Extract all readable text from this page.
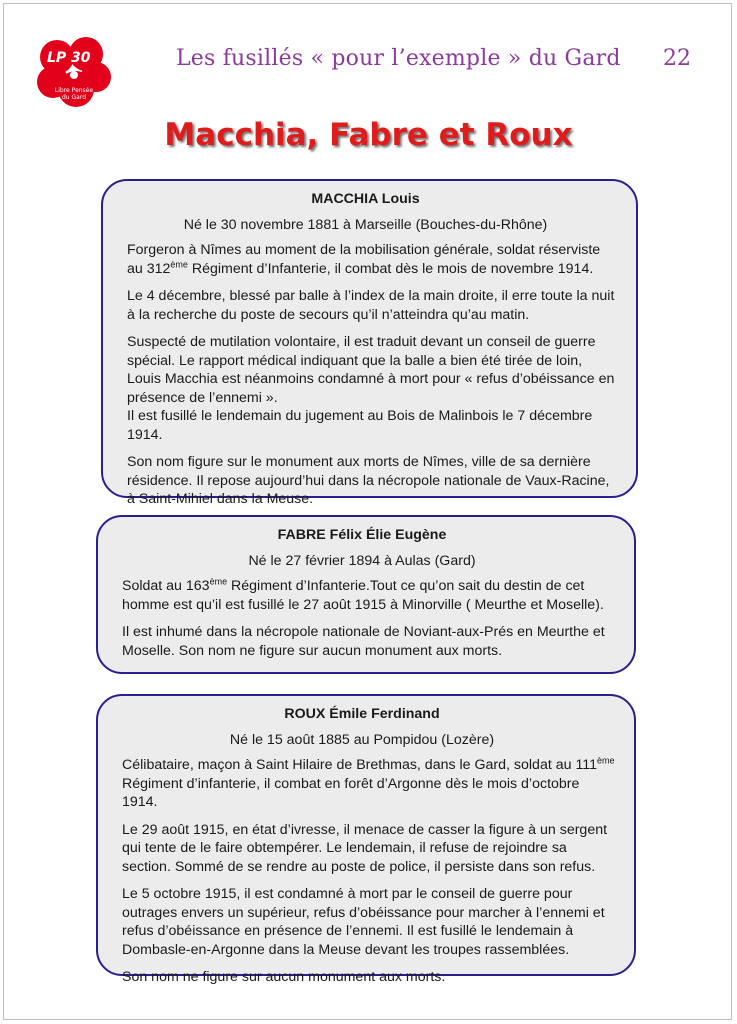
LP 30
Libre Pensée
du Gard
Les fusillés « pour l’exemple » du Gard 22
Macchia, Fabre et Roux
MACCHIA Louis
Né le 30 novembre 1881 à Marseille (Bouches-du-Rhône)

Forgeron à Nîmes au moment de la mobilisation générale, soldat réserviste au 312ème Régiment d’Infanterie, il combat dès le mois de novembre 1914.

Le 4 décembre, blessé par balle à l’index de la main droite, il erre toute la nuit à la recherche du poste de secours qu’il n’atteindra qu’au matin.

Suspecté de mutilation volontaire, il est traduit devant un conseil de guerre spécial. Le rapport médical indiquant que la balle a bien été tirée de loin, Louis Macchia est néanmoins condamné à mort pour « refus d’obéissance en présence de l’ennemi ».

Il est fusillé le lendemain du jugement au Bois de Malinbois le 7 décembre 1914.

Son nom figure sur le monument aux morts de Nîmes, ville de sa dernière résidence. Il repose aujourd’hui dans la nécropole nationale de Vaux-Racine, à Saint-Mihiel dans la Meuse.

FABRE Félix Élie Eugène
Né le 27 février 1894 à Aulas (Gard)

Soldat au 163ème Régiment d’Infanterie.Tout ce qu’on sait du destin de cet homme est qu’il est fusillé le 27 août 1915 à Minorville ( Meurthe et Moselle).

Il est inhumé dans la nécropole nationale de Noviant-aux-Prés en Meurthe et Moselle. Son nom ne figure sur aucun monument aux morts.

ROUX Émile Ferdinand
Né le 15 août 1885 au Pompidou (Lozère)

Célibataire, maçon à Saint Hilaire de Brethmas, dans le Gard, soldat au 111ème Régiment d’infanterie, il combat en forêt d’Argonne dès le mois d’octobre 1914.

Le 29 août 1915, en état d’ivresse, il menace de casser la figure à un sergent qui tente de le faire obtempérer. Le lendemain, il refuse de rejoindre sa section. Sommé de se rendre au poste de police, il persiste dans son refus.

Le 5 octobre 1915, il est condamné à mort par le conseil de guerre pour outrages envers un supérieur, refus d’obéissance pour marcher à l’ennemi et refus d’obéissance en présence de l’ennemi. Il est fusillé le lendemain à Dombasle-en-Argonne dans la Meuse devant les troupes rassemblées.

Son nom ne figure sur aucun monument aux morts.
